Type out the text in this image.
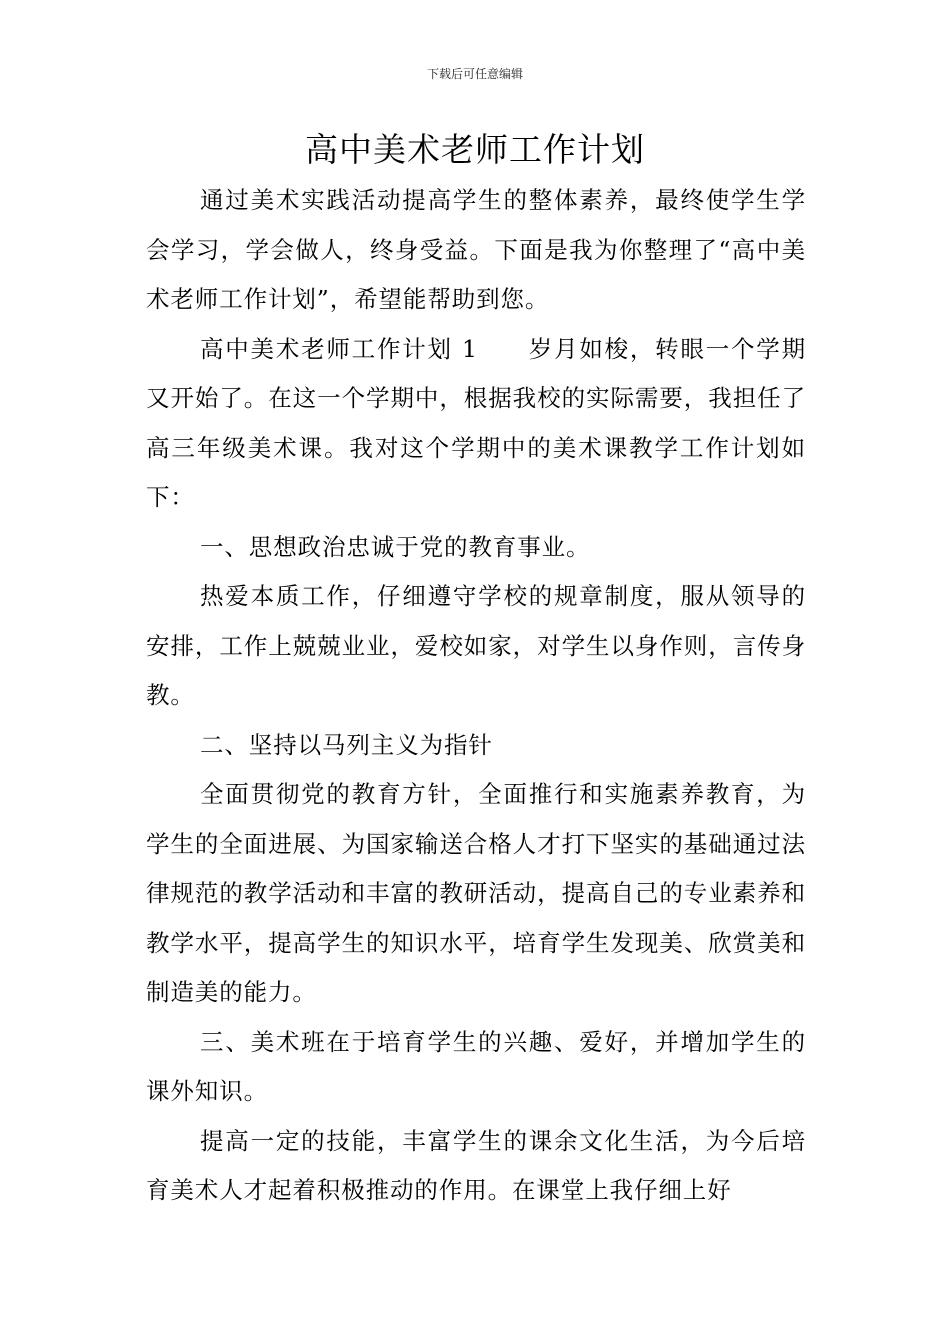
下载后可任意编辑
高中美术老师工作计划

通过美术实践活动提高学生的整体素养，最终使学生学会学习，学会做人，终身受益。下面是我为你整理了“高中美术老师工作计划”，希望能帮助到您。

高中美术老师工作计划 1 岁月如梭，转眼一个学期又开始了。在这一个学期中，根据我校的实际需要，我担任了高三年级美术课。我对这个学期中的美术课教学工作计划如下：

一、思想政治忠诚于党的教育事业。

热爱本质工作，仔细遵守学校的规章制度，服从领导的安排，工作上兢兢业业，爱校如家，对学生以身作则，言传身教。

二、坚持以马列主义为指针

全面贯彻党的教育方针，全面推行和实施素养教育，为学生的全面进展、为国家输送合格人才打下坚实的基础通过法律规范的教学活动和丰富的教研活动，提高自己的专业素养和教学水平，提高学生的知识水平，培育学生发现美、欣赏美和制造美的能力。

三、美术班在于培育学生的兴趣、爱好，并增加学生的课外知识。

提高一定的技能，丰富学生的课余文化生活，为今后培育美术人才起着积极推动的作用。在课堂上我仔细上好
